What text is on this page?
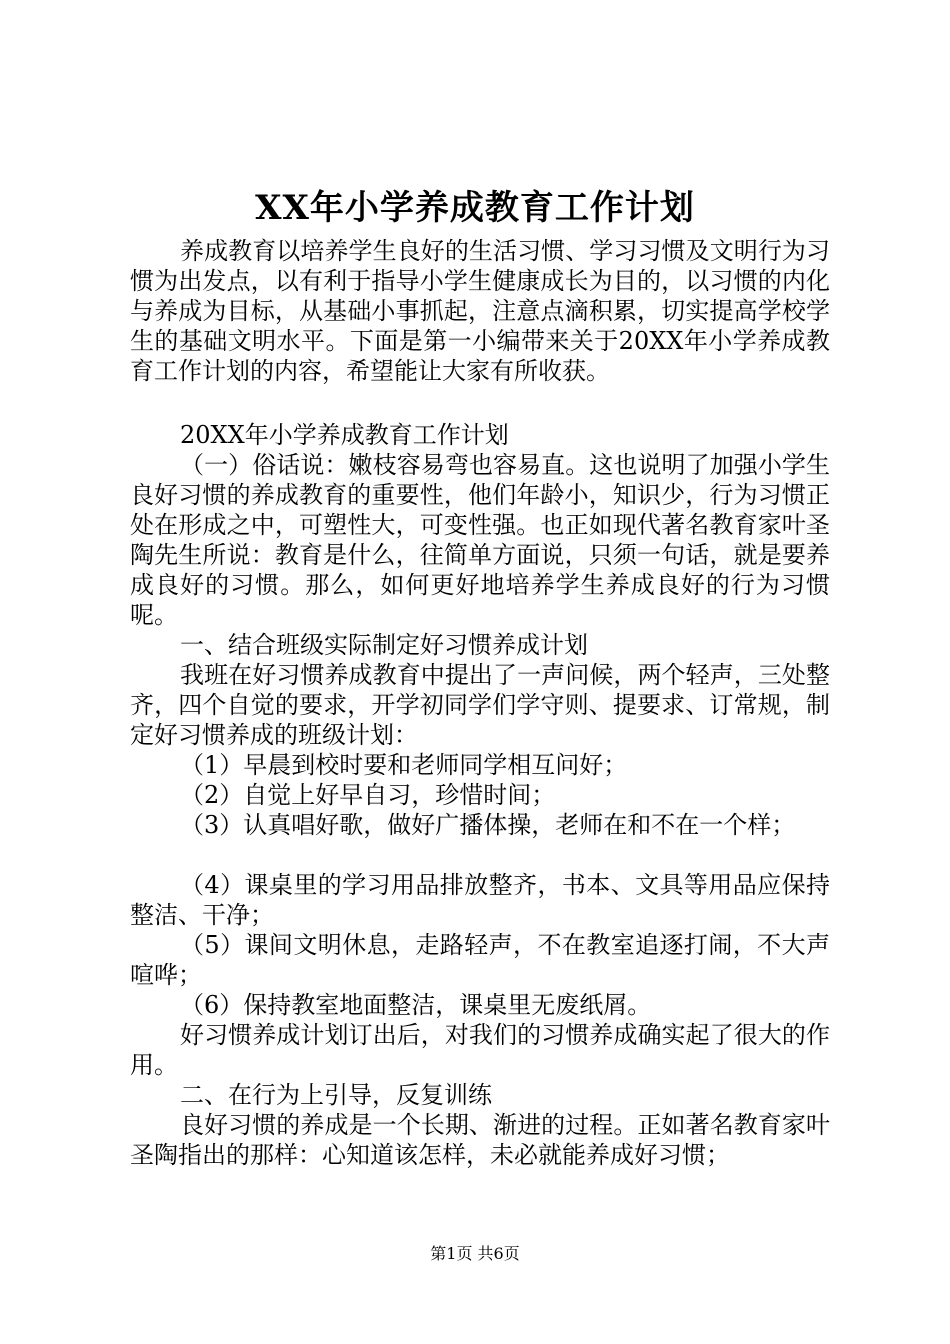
XX年小学养成教育工作计划

养成教育以培养学生良好的生活习惯、学习习惯及文明行为习惯为出发点，以有利于指导小学生健康成长为目的，以习惯的内化与养成为目标，从基础小事抓起，注意点滴积累，切实提高学校学生的基础文明水平。下面是第一小编带来关于20XX年小学养成教育工作计划的内容，希望能让大家有所收获。

20XX年小学养成教育工作计划

（一）俗话说：嫩枝容易弯也容易直。这也说明了加强小学生良好习惯的养成教育的重要性，他们年龄小，知识少，行为习惯正处在形成之中，可塑性大，可变性强。也正如现代著名教育家叶圣陶先生所说：教育是什么，往简单方面说，只须一句话，就是要养成良好的习惯。那么，如何更好地培养学生养成良好的行为习惯呢。

一、结合班级实际制定好习惯养成计划

我班在好习惯养成教育中提出了一声问候，两个轻声，三处整齐，四个自觉的要求，开学初同学们学守则、提要求、订常规，制定好习惯养成的班级计划：

（1）早晨到校时要和老师同学相互问好；

（2）自觉上好早自习，珍惜时间；

（3）认真唱好歌，做好广播体操，老师在和不在一个样；

（4）课桌里的学习用品排放整齐，书本、文具等用品应保持整洁、干净；

（5）课间文明休息，走路轻声，不在教室追逐打闹，不大声喧哗；

（6）保持教室地面整洁，课桌里无废纸屑。

好习惯养成计划订出后，对我们的习惯养成确实起了很大的作用。

二、在行为上引导，反复训练

良好习惯的养成是一个长期、渐进的过程。正如著名教育家叶圣陶指出的那样：心知道该怎样，未必就能养成好习惯；

第1页 共6页
